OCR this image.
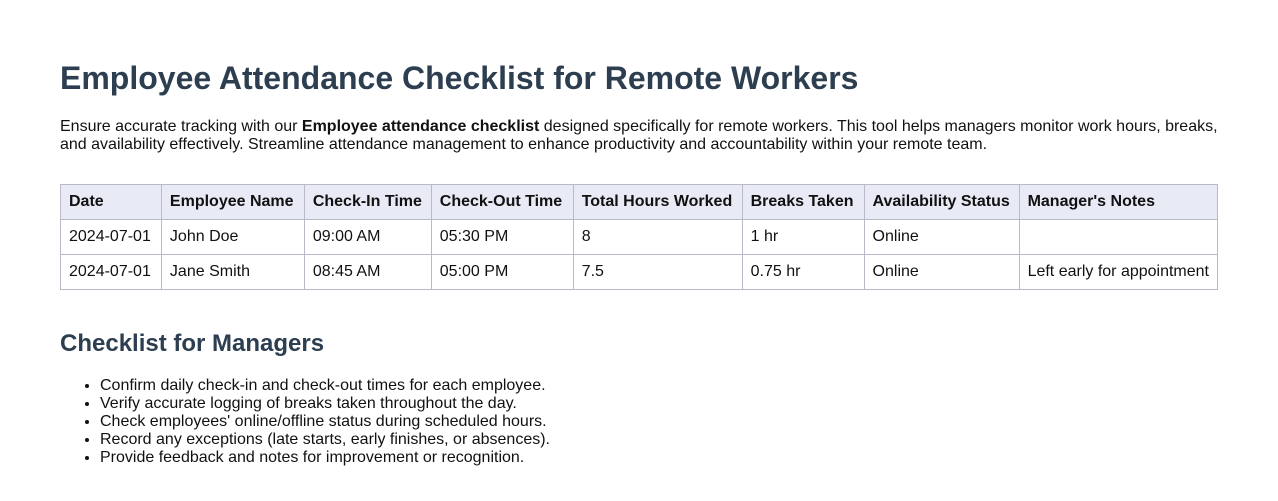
Employee Attendance Checklist for Remote Workers

Ensure accurate tracking with our Employee attendance checklist designed specifically for remote workers. This tool helps managers monitor work hours, breaks, and availability effectively. Streamline attendance management to enhance productivity and accountability within your remote team.

Date	Employee Name	Check-In Time	Check-Out Time	Total Hours Worked	Breaks Taken	Availability Status	Manager's Notes
2024-07-01	John Doe	09:00 AM	05:30 PM	8	1 hr	Online	
2024-07-01	Jane Smith	08:45 AM	05:00 PM	7.5	0.75 hr	Online	Left early for appointment
Checklist for Managers
• Confirm daily check-in and check-out times for each employee.
• Verify accurate logging of breaks taken throughout the day.
• Check employees' online/offline status during scheduled hours.
• Record any exceptions (late starts, early finishes, or absences).
• Provide feedback and notes for improvement or recognition.
